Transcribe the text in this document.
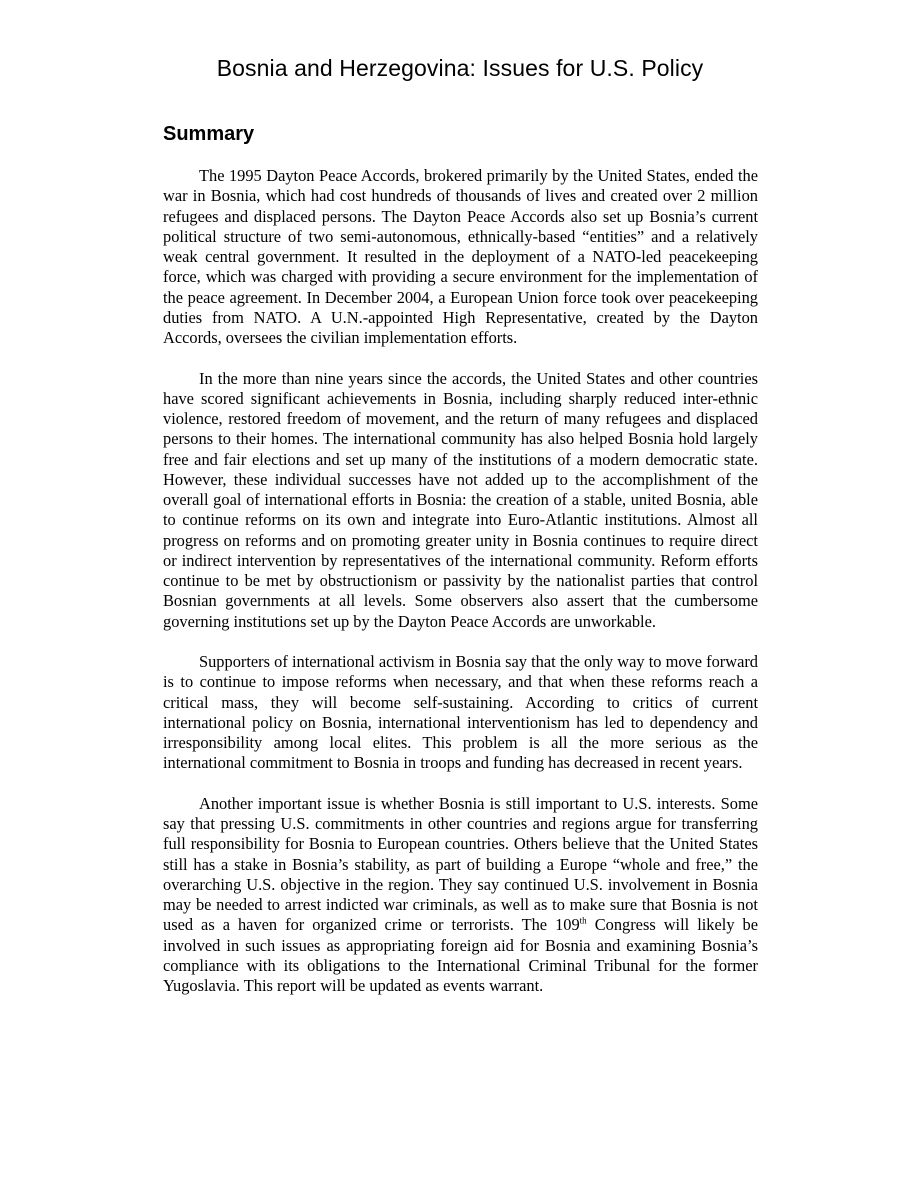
Bosnia and Herzegovina: Issues for U.S. Policy
Summary

The 1995 Dayton Peace Accords, brokered primarily by the United States, ended the war in Bosnia, which had cost hundreds of thousands of lives and created over 2 million refugees and displaced persons. The Dayton Peace Accords also set up Bosnia’s current political structure of two semi-autonomous, ethnically-based “entities” and a relatively weak central government. It resulted in the deployment of a NATO-led peacekeeping force, which was charged with providing a secure environment for the implementation of the peace agreement. In December 2004, a European Union force took over peacekeeping duties from NATO. A U.N.-appointed High Representative, created by the Dayton Accords, oversees the civilian implementation efforts.

In the more than nine years since the accords, the United States and other countries have scored significant achievements in Bosnia, including sharply reduced inter-ethnic violence, restored freedom of movement, and the return of many refugees and displaced persons to their homes. The international community has also helped Bosnia hold largely free and fair elections and set up many of the institutions of a modern democratic state. However, these individual successes have not added up to the accomplishment of the overall goal of international efforts in Bosnia: the creation of a stable, united Bosnia, able to continue reforms on its own and integrate into Euro-Atlantic institutions. Almost all progress on reforms and on promoting greater unity in Bosnia continues to require direct or indirect intervention by representatives of the international community. Reform efforts continue to be met by obstructionism or passivity by the nationalist parties that control Bosnian governments at all levels. Some observers also assert that the cumbersome governing institutions set up by the Dayton Peace Accords are unworkable.

Supporters of international activism in Bosnia say that the only way to move forward is to continue to impose reforms when necessary, and that when these reforms reach a critical mass, they will become self-sustaining. According to critics of current international policy on Bosnia, international interventionism has led to dependency and irresponsibility among local elites. This problem is all the more serious as the international commitment to Bosnia in troops and funding has decreased in recent years.

Another important issue is whether Bosnia is still important to U.S. interests. Some say that pressing U.S. commitments in other countries and regions argue for transferring full responsibility for Bosnia to European countries. Others believe that the United States still has a stake in Bosnia’s stability, as part of building a Europe “whole and free,” the overarching U.S. objective in the region. They say continued U.S. involvement in Bosnia may be needed to arrest indicted war criminals, as well as to make sure that Bosnia is not used as a haven for organized crime or terrorists. The 109th Congress will likely be involved in such issues as appropriating foreign aid for Bosnia and examining Bosnia’s compliance with its obligations to the International Criminal Tribunal for the former Yugoslavia. This report will be updated as events warrant.
